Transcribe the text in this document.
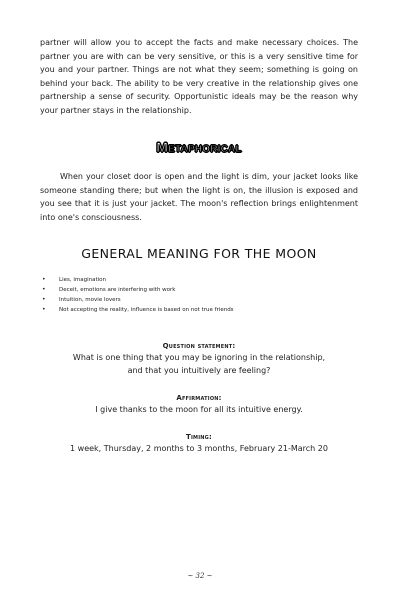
partner will allow you to accept the facts and make necessary choices. The partner you are with can be very sensitive, or this is a very sensitive time for you and your partner. Things are not what they seem; something is going on behind your back. The ability to be very creative in the relationship gives one partnership a sense of security. Opportunistic ideals may be the reason why your partner stays in the relationship.

Metaphorical

When your closet door is open and the light is dim, your jacket looks like someone standing there; but when the light is on, the illusion is exposed and you see that it is just your jacket. The moon's reflection brings enlightenment into one's consciousness.

GENERAL MEANING FOR THE MOON
• Lies, imagination
• Deceit, emotions are interfering with work
• Intuition, movie lovers
• Not accepting the reality, influence is based on not true friends
Question statement:
What is one thing that you may be ignoring in the relationship,
and that you intuitively are feeling?
Affirmation:
I give thanks to the moon for all its intuitive energy.
Timing:
1 week, Thursday, 2 months to 3 months, February 21-March 20
~ 32 ~
